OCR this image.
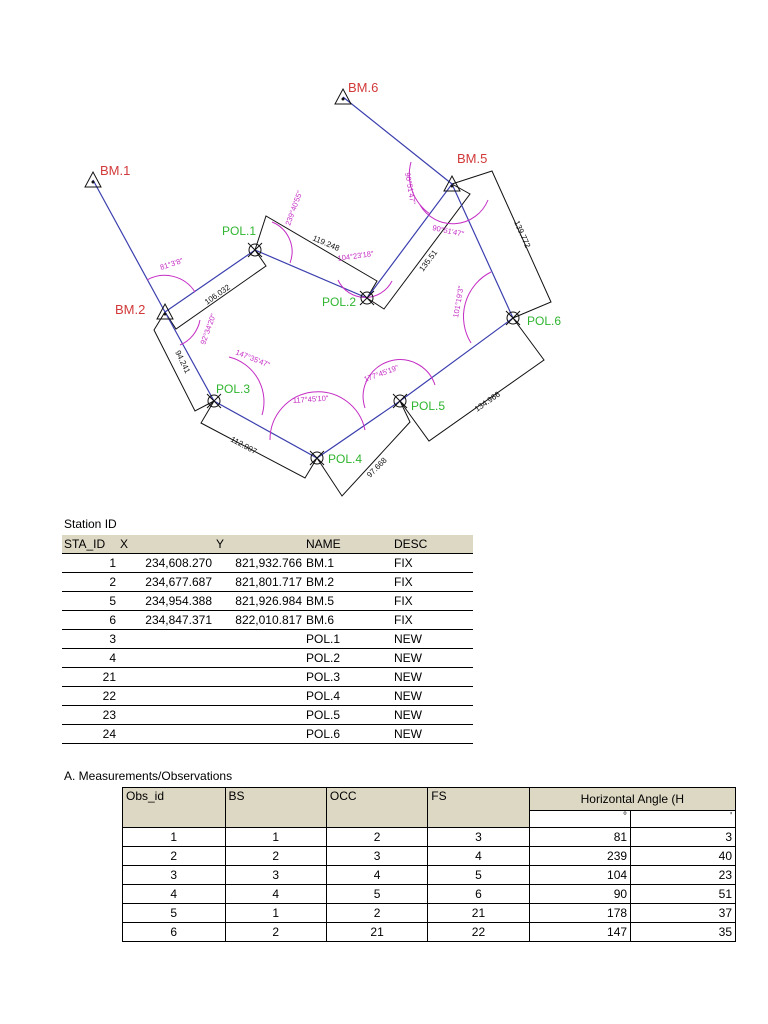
BM.1
BM.6
BM.5
BM.2
POL.1
POL.2
POL.6
POL.5
POL.4
POL.3
106.032
119.248
135.51
139.772
134.966
97.668
112.907
94.241
81°3'8"
92°34'20"
239°40'55"
104°23'18"
90°51'47"
90°51'47"
101°19'3"
177°45'19"
117°45'10"
147°35'47"
Station ID
STA_ID	X	Y	NAME	DESC
1	234,608.270	821,932.766	BM.1	FIX
2	234,677.687	821,801.717	BM.2	FIX
5	234,954.388	821,926.984	BM.5	FIX
6	234,847.371	822,010.817	BM.6	FIX
3			POL.1	NEW
4			POL.2	NEW
21			POL.3	NEW
22			POL.4	NEW
23			POL.5	NEW
24			POL.6	NEW
A. Measurements/Observations
Obs_id	BS	OCC	FS	Horizontal Angle (H	
				°	'
1	1	2	3	81	3
2	2	3	4	239	40
3	3	4	5	104	23
4	4	5	6	90	51
5	1	2	21	178	37
6	2	21	22	147	35
